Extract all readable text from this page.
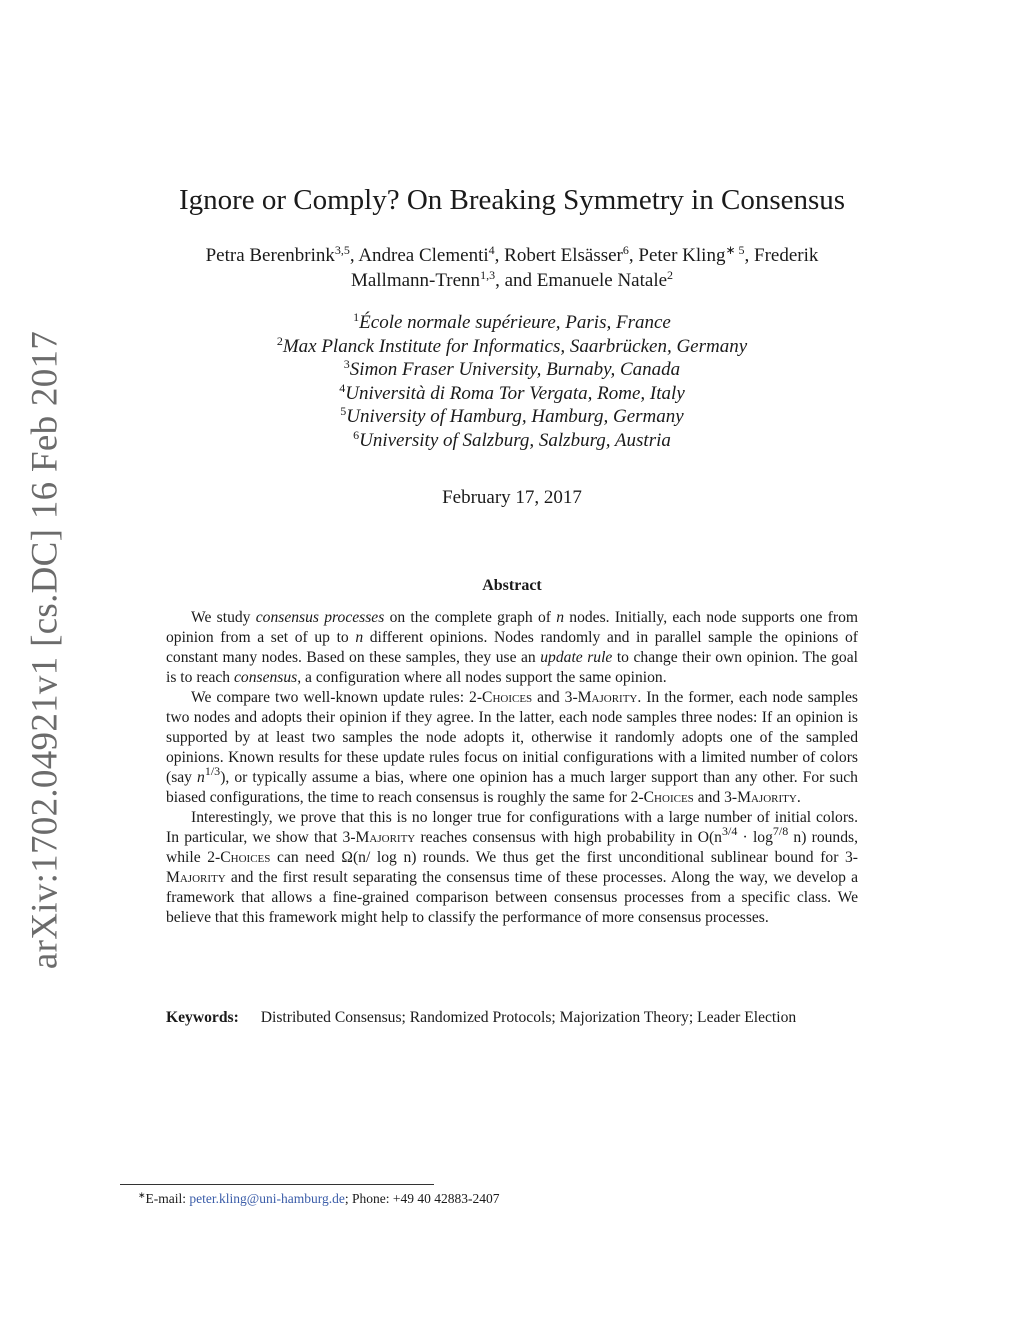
arXiv:1702.04921v1 [cs.DC] 16 Feb 2017
Ignore or Comply? On Breaking Symmetry in Consensus
Petra Berenbrink$^{3,5}$, Andrea Clementi$^4$, Robert Elsässer$^6$, Peter Kling$^{∗ 5}$, Frederik
Mallmann-Trenn$^{1,3}$, and Emanuele Natale$^2$
$^1$École normale supérieure, Paris, France
$^2$Max Planck Institute for Informatics, Saarbrücken, Germany
$^3$Simon Fraser University, Burnaby, Canada
$^4$Università di Roma Tor Vergata, Rome, Italy
$^5$University of Hamburg, Hamburg, Germany
$^6$University of Salzburg, Salzburg, Austria
February 17, 2017
Abstract

We study consensus processes on the complete graph of n nodes. Initially, each node supports one from opinion from a set of up to n different opinions. Nodes randomly and in parallel sample the opinions of constant many nodes. Based on these samples, they use an update rule to change their own opinion. The goal is to reach consensus, a configuration where all nodes support the same opinion.

We compare two well-known update rules: 2-Choices and 3-Majority. In the former, each node samples two nodes and adopts their opinion if they agree. In the latter, each node samples three nodes: If an opinion is supported by at least two samples the node adopts it, otherwise it randomly adopts one of the sampled opinions. Known results for these update rules focus on initial configurations with a limited number of colors (say $n^{1/3}$), or typically assume a bias, where one opinion has a much larger support than any other. For such biased configurations, the time to reach consensus is roughly the same for 2-Choices and 3-Majority.

Interestingly, we prove that this is no longer true for configurations with a large number of initial colors. In particular, we show that 3-Majority reaches consensus with high probability in $O(n^{3/4} \cdot \log^{7/8} n)$ rounds, while 2-Choices can need Ω(n/ log n) rounds. We thus get the first unconditional sublinear bound for 3-Majority and the first result separating the consensus time of these processes. Along the way, we develop a framework that allows a fine-grained comparison between consensus processes from a specific class. We believe that this framework might help to classify the performance of more consensus processes.

Keywords: Distributed Consensus; Randomized Protocols; Majorization Theory; Leader Election
∗E-mail: peter.kling@uni-hamburg.de; Phone: +49 40 42883-2407
